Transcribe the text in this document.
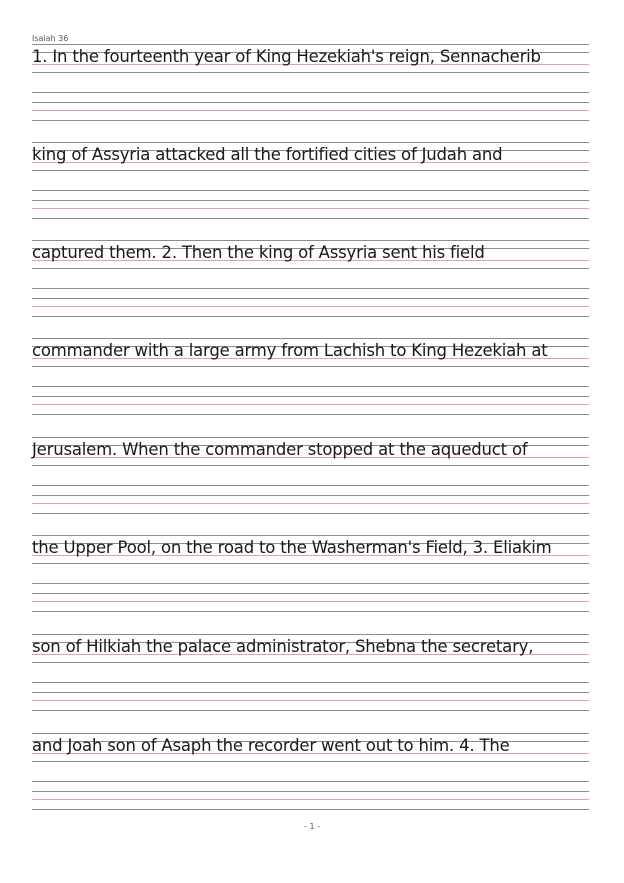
Isaiah 36
1. In the fourteenth year of King Hezekiah's reign, Sennacherib
king of Assyria attacked all the fortified cities of Judah and
captured them. 2. Then the king of Assyria sent his field
commander with a large army from Lachish to King Hezekiah at
Jerusalem. When the commander stopped at the aqueduct of
the Upper Pool, on the road to the Washerman's Field, 3. Eliakim
son of Hilkiah the palace administrator, Shebna the secretary,
and Joah son of Asaph the recorder went out to him. 4. The
- 1 -
